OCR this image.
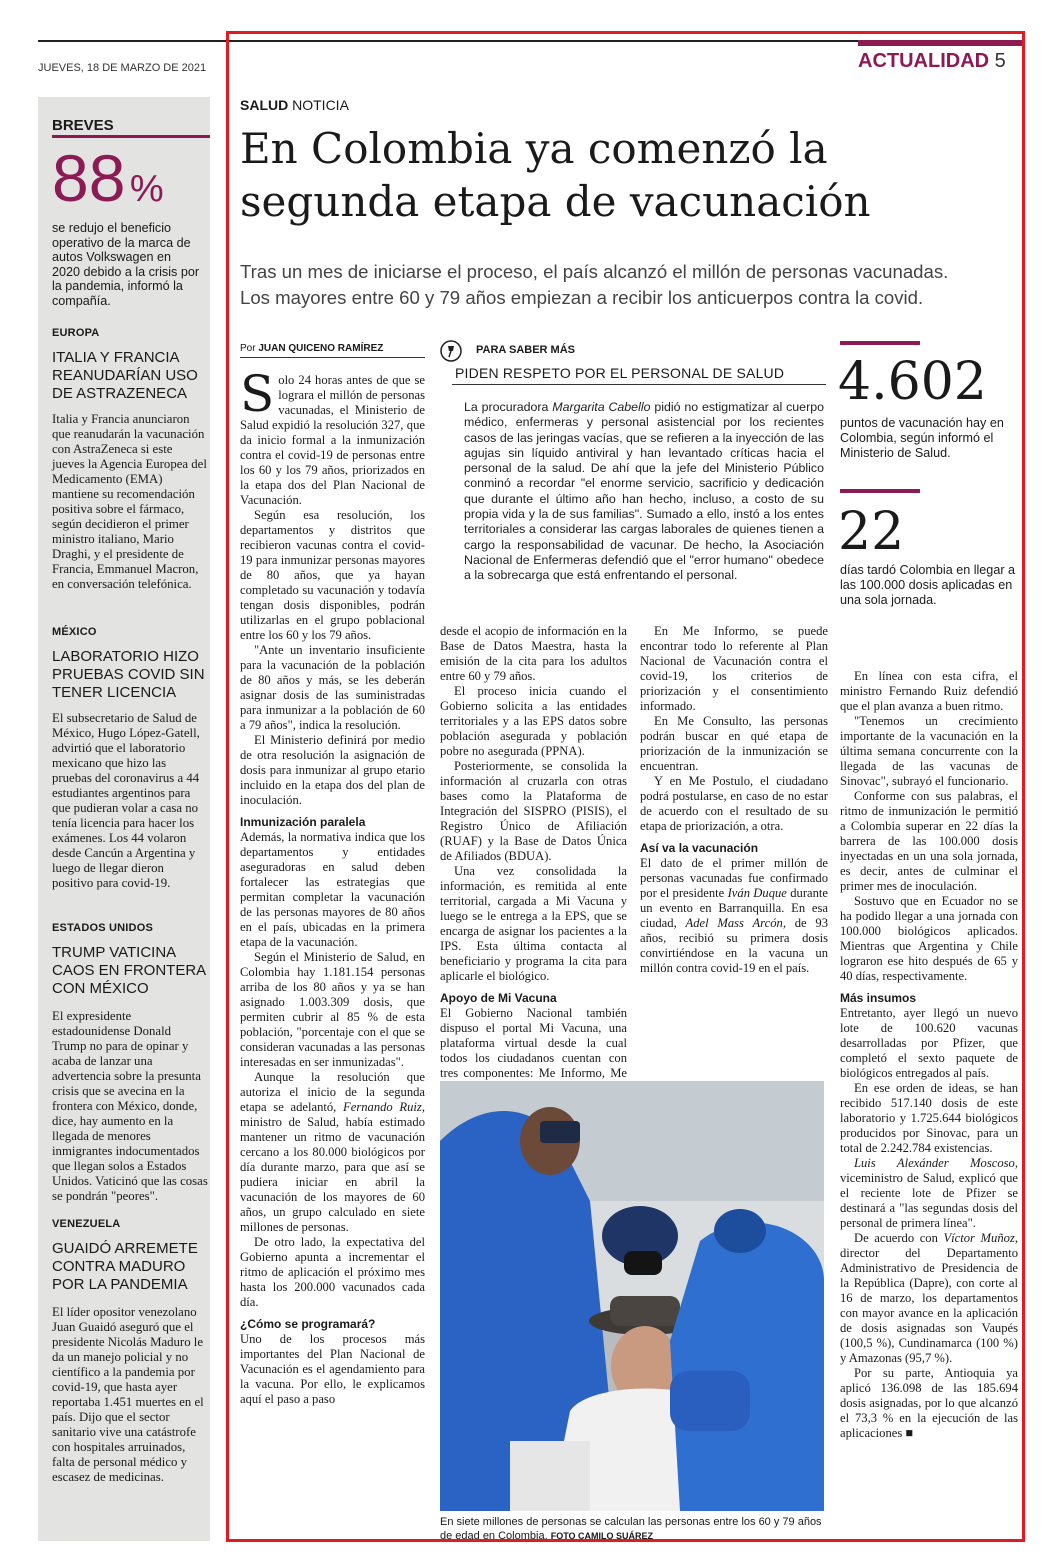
JUEVES, 18 DE MARZO DE 2021	ACTUALIDAD 5
BREVES
88 %
se redujo el beneficio operativo de la marca de autos Volkswagen en 2020 debido a la crisis por la pandemia, informó la compañía.
EUROPA
ITALIA Y FRANCIA REANUDARÍAN USO DE ASTRAZENECA
Italia y Francia anunciaron que reanudarán la vacunación con AstraZeneca si este jueves la Agencia Europea del Medicamento (EMA) mantiene su recomendación positiva sobre el fármaco, según decidieron el primer ministro italiano, Mario Draghi, y el presidente de Francia, Emmanuel Macron, en conversación telefónica.
MÉXICO
LABORATORIO HIZO PRUEBAS COVID SIN TENER LICENCIA
El subsecretario de Salud de México, Hugo López-Gatell, advirtió que el laboratorio mexicano que hizo las pruebas del coronavirus a 44 estudiantes argentinos para que pudieran volar a casa no tenía licencia para hacer los exámenes. Los 44 volaron desde Cancún a Argentina y luego de llegar dieron positivo para covid-19.
ESTADOS UNIDOS
TRUMP VATICINA CAOS EN FRONTERA CON MÉXICO
El expresidente estadounidense Donald Trump no para de opinar y acaba de lanzar una advertencia sobre la presunta crisis que se avecina en la frontera con México, donde, dice, hay aumento en la llegada de menores inmigrantes indocumentados que llegan solos a Estados Unidos. Vaticinó que las cosas se pondrán "peores".
VENEZUELA
GUAIDÓ ARREMETE CONTRA MADURO POR LA PANDEMIA
El líder opositor venezolano Juan Guaidó aseguró que el presidente Nicolás Maduro le da un manejo policial y no científico a la pandemia por covid-19, que hasta ayer reportaba 1.451 muertes en el país. Dijo que el sector sanitario vive una catástrofe con hospitales arruinados, falta de personal médico y escasez de medicinas.
SALUD NOTICIA
En Colombia ya comenzó la
segunda etapa de vacunación
Tras un mes de iniciarse el proceso, el país alcanzó el millón de personas vacunadas.
Los mayores entre 60 y 79 años empiezan a recibir los anticuerpos contra la covid.
Por JUAN QUICENO RAMÍREZ

Solo 24 horas antes de que se lograra el millón de personas vacunadas, el Ministerio de Salud expidió la resolución 327, que da inicio formal a la inmunización contra el covid-19 de personas entre los 60 y los 79 años, priorizados en la etapa dos del Plan Nacional de Vacunación.

Según esa resolución, los departamentos y distritos que recibieron vacunas contra el covid-19 para inmunizar personas mayores de 80 años, que ya hayan completado su vacunación y todavía tengan dosis disponibles, podrán utilizarlas en el grupo poblacional entre los 60 y los 79 años.

"Ante un inventario insuficiente para la vacunación de la población de 80 años y más, se les deberán asignar dosis de las suministradas para inmunizar a la población de 60 a 79 años", indica la resolución.

El Ministerio definirá por medio de otra resolución la asignación de dosis para inmunizar al grupo etario incluido en la etapa dos del plan de inoculación.

Inmunización paralela

Además, la normativa indica que los departamentos y entidades aseguradoras en salud deben fortalecer las estrategias que permitan completar la vacunación de las personas mayores de 80 años en el país, ubicadas en la primera etapa de la vacunación.

Según el Ministerio de Salud, en Colombia hay 1.181.154 personas arriba de los 80 años y ya se han asignado 1.003.309 dosis, que permiten cubrir al 85 % de esta población, "porcentaje con el que se consideran vacunadas a las personas interesadas en ser inmunizadas".

Aunque la resolución que autoriza el inicio de la segunda etapa se adelantó, Fernando Ruiz, ministro de Salud, había estimado mantener un ritmo de vacunación cercano a los 80.000 biológicos por día durante marzo, para que así se pudiera iniciar en abril la vacunación de los mayores de 60 años, un grupo calculado en siete millones de personas.

De otro lado, la expectativa del Gobierno apunta a incrementar el ritmo de aplicación el próximo mes hasta los 200.000 vacunados cada día.

¿Cómo se programará?

Uno de los procesos más importantes del Plan Nacional de Vacunación es el agendamiento para la vacuna. Por ello, le explicamos aquí el paso a paso

PARA SABER MÁS
PIDEN RESPETO POR EL PERSONAL DE SALUD
La procuradora Margarita Cabello pidió no estigmatizar al cuerpo médico, enfermeras y personal asistencial por los recientes casos de las jeringas vacías, que se refieren a la inyección de las agujas sin líquido antiviral y han levantado críticas hacia el personal de la salud. De ahí que la jefe del Ministerio Público conminó a recordar "el enorme servicio, sacrificio y dedicación que durante el último año han hecho, incluso, a costo de su propia vida y la de sus familias". Sumado a ello, instó a los entes territoriales a considerar las cargas laborales de quienes tienen a cargo la responsabilidad de vacunar. De hecho, la Asociación Nacional de Enfermeras defendió que el "error humano" obedece a la sobrecarga que está enfrentando el personal.
4.602
puntos de vacunación hay en Colombia, según informó el Ministerio de Salud.
22
días tardó Colombia en llegar a las 100.000 dosis aplicadas en una sola jornada.

desde el acopio de información en la Base de Datos Maestra, hasta la emisión de la cita para los adultos entre 60 y 79 años.

El proceso inicia cuando el Gobierno solicita a las entidades territoriales y a las EPS datos sobre población asegurada y población pobre no asegurada (PPNA).

Posteriormente, se consolida la información al cruzarla con otras bases como la Plataforma de Integración del SISPRO (PISIS), el Registro Único de Afiliación (RUAF) y la Base de Datos Única de Afiliados (BDUA).

Una vez consolidada la información, es remitida al ente territorial, cargada a Mi Vacuna y luego se le entrega a la EPS, que se encarga de asignar los pacientes a la IPS. Esta última contacta al beneficiario y programa la cita para aplicarle el biológico.

Apoyo de Mi Vacuna

El Gobierno Nacional también dispuso el portal Mi Vacuna, una plataforma virtual desde la cual todos los ciudadanos cuentan con tres componentes: Me Informo, Me

En Me Informo, se puede encontrar todo lo referente al Plan Nacional de Vacunación contra el covid-19, los criterios de priorización y el consentimiento informado.

En Me Consulto, las personas podrán buscar en qué etapa de priorización de la inmunización se encuentran.

Y en Me Postulo, el ciudadano podrá postularse, en caso de no estar de acuerdo con el resultado de su etapa de priorización, a otra.

Así va la vacunación

El dato de el primer millón de personas vacunadas fue confirmado por el presidente Iván Duque durante un evento en Barranquilla. En esa ciudad, Adel Mass Arcón, de 93 años, recibió su primera dosis convirtiéndose en la vacuna un millón contra covid-19 en el país.

En línea con esta cifra, el ministro Fernando Ruiz defendió que el plan avanza a buen ritmo.

"Tenemos un crecimiento importante de la vacunación en la última semana concurrente con la llegada de las vacunas de Sinovac", subrayó el funcionario.

Conforme con sus palabras, el ritmo de inmunización le permitió a Colombia superar en 22 días la barrera de las 100.000 dosis inyectadas en un una sola jornada, es decir, antes de culminar el primer mes de inoculación.

Sostuvo que en Ecuador no se ha podido llegar a una jornada con 100.000 biológicos aplicados. Mientras que Argentina y Chile lograron ese hito después de 65 y 40 días, respectivamente.

Más insumos

Entretanto, ayer llegó un nuevo lote de 100.620 vacunas desarrolladas por Pfizer, que completó el sexto paquete de biológicos entregados al país.

En ese orden de ideas, se han recibido 517.140 dosis de este laboratorio y 1.725.644 biológicos producidos por Sinovac, para un total de 2.242.784 existencias.

Luis Alexánder Moscoso, viceministro de Salud, explicó que el reciente lote de Pfizer se destinará a "las segundas dosis del personal de primera línea".

De acuerdo con Víctor Muñoz, director del Departamento Administrativo de Presidencia de la República (Dapre), con corte al 16 de marzo, los departamentos con mayor avance en la aplicación de dosis asignadas son Vaupés (100,5 %), Cundinamarca (100 %) y Amazonas (95,7 %).

Por su parte, Antioquia ya aplicó 136.098 de las 185.694 dosis asignadas, por lo que alcanzó el 73,3 % en la ejecución de las aplicaciones ■

En siete millones de personas se calculan las personas entre los 60 y 79 años de edad en Colombia. FOTO CAMILO SUÁREZ
